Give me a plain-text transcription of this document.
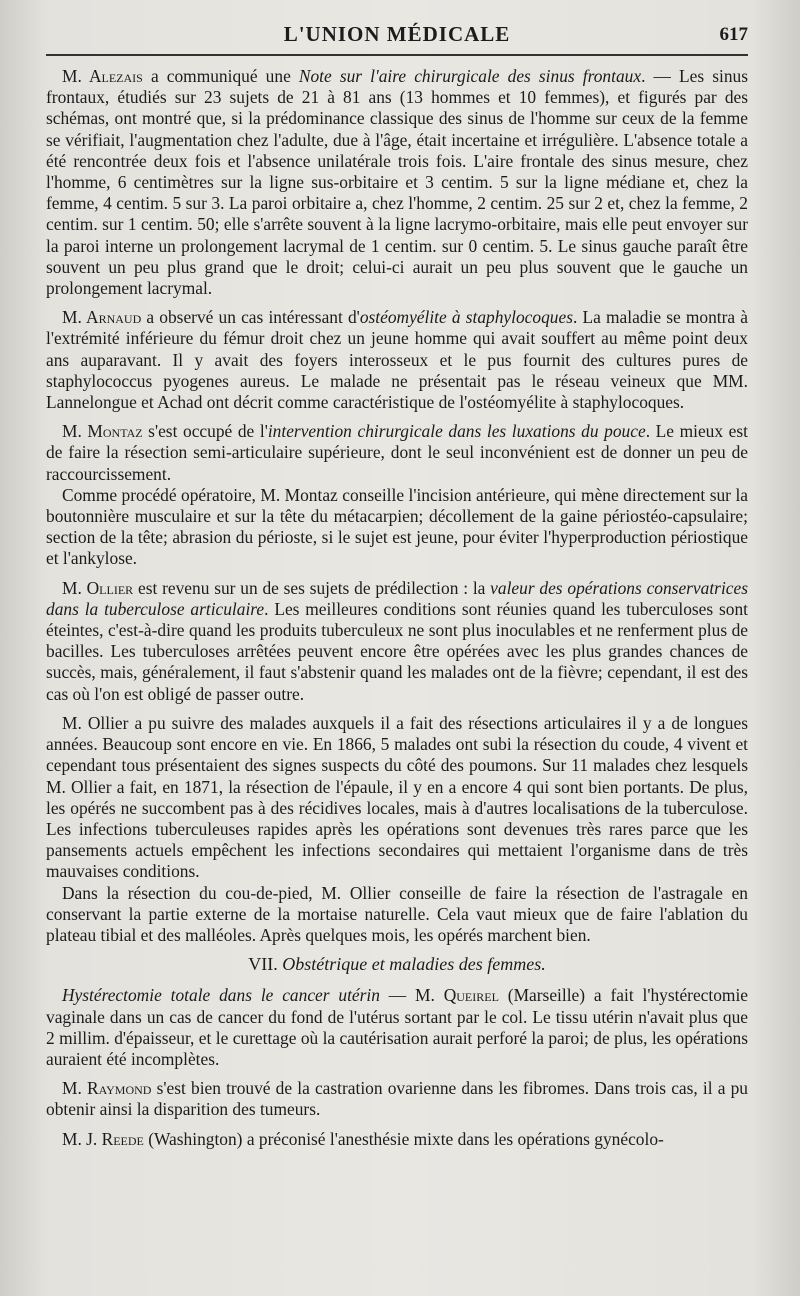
L'UNION MÉDICALE	617

M. Alezais a communiqué une Note sur l'aire chirurgicale des sinus frontaux. — Les sinus frontaux, étudiés sur 23 sujets de 21 à 81 ans (13 hommes et 10 femmes), et figurés par des schémas, ont montré que, si la prédominance classique des sinus de l'homme sur ceux de la femme se vérifiait, l'augmentation chez l'adulte, due à l'âge, était incertaine et irrégulière. L'absence totale a été rencontrée deux fois et l'absence unilatérale trois fois. L'aire frontale des sinus mesure, chez l'homme, 6 centimètres sur la ligne sus-orbitaire et 3 centim. 5 sur la ligne médiane et, chez la femme, 4 centim. 5 sur 3. La paroi orbitaire a, chez l'homme, 2 centim. 25 sur 2 et, chez la femme, 2 centim. sur 1 centim. 50; elle s'arrête souvent à la ligne lacrymo-orbitaire, mais elle peut envoyer sur la paroi interne un prolongement lacrymal de 1 centim. sur 0 centim. 5. Le sinus gauche paraît être souvent un peu plus grand que le droit; celui-ci aurait un peu plus souvent que le gauche un prolongement lacrymal.

M. Arnaud a observé un cas intéressant d'ostéomyélite à staphylocoques. La maladie se montra à l'extrémité inférieure du fémur droit chez un jeune homme qui avait souffert au même point deux ans auparavant. Il y avait des foyers interosseux et le pus fournit des cultures pures de staphylococcus pyogenes aureus. Le malade ne présentait pas le réseau veineux que MM. Lannelongue et Achad ont décrit comme caractéristique de l'ostéomyélite à staphylocoques.

M. Montaz s'est occupé de l'intervention chirurgicale dans les luxations du pouce. Le mieux est de faire la résection semi-articulaire supérieure, dont le seul inconvénient est de donner un peu de raccourcissement.

Comme procédé opératoire, M. Montaz conseille l'incision antérieure, qui mène directement sur la boutonnière musculaire et sur la tête du métacarpien; décollement de la gaine périostéo-capsulaire; section de la tête; abrasion du périoste, si le sujet est jeune, pour éviter l'hyperproduction périostique et l'ankylose.

M. Ollier est revenu sur un de ses sujets de prédilection : la valeur des opérations conservatrices dans la tuberculose articulaire. Les meilleures conditions sont réunies quand les tuberculoses sont éteintes, c'est-à-dire quand les produits tuberculeux ne sont plus inoculables et ne renferment plus de bacilles. Les tuberculoses arrêtées peuvent encore être opérées avec les plus grandes chances de succès, mais, généralement, il faut s'abstenir quand les malades ont de la fièvre; cependant, il est des cas où l'on est obligé de passer outre.

M. Ollier a pu suivre des malades auxquels il a fait des résections articulaires il y a de longues années. Beaucoup sont encore en vie. En 1866, 5 malades ont subi la résection du coude, 4 vivent et cependant tous présentaient des signes suspects du côté des poumons. Sur 11 malades chez lesquels M. Ollier a fait, en 1871, la résection de l'épaule, il y en a encore 4 qui sont bien portants. De plus, les opérés ne succombent pas à des récidives locales, mais à d'autres localisations de la tuberculose. Les infections tuberculeuses rapides après les opérations sont devenues très rares parce que les pansements actuels empêchent les infections secondaires qui mettaient l'organisme dans de très mauvaises conditions.

Dans la résection du cou-de-pied, M. Ollier conseille de faire la résection de l'astragale en conservant la partie externe de la mortaise naturelle. Cela vaut mieux que de faire l'ablation du plateau tibial et des malléoles. Après quelques mois, les opérés marchent bien.

VII. Obstétrique et maladies des femmes.

Hystérectomie totale dans le cancer utérin — M. Queirel (Marseille) a fait l'hystérectomie vaginale dans un cas de cancer du fond de l'utérus sortant par le col. Le tissu utérin n'avait plus que 2 millim. d'épaisseur, et le curettage où la cautérisation aurait perforé la paroi; de plus, les opérations auraient été incomplètes.

M. Raymond s'est bien trouvé de la castration ovarienne dans les fibromes. Dans trois cas, il a pu obtenir ainsi la disparition des tumeurs.

M. J. Reede (Washington) a préconisé l'anesthésie mixte dans les opérations gynécolo-
